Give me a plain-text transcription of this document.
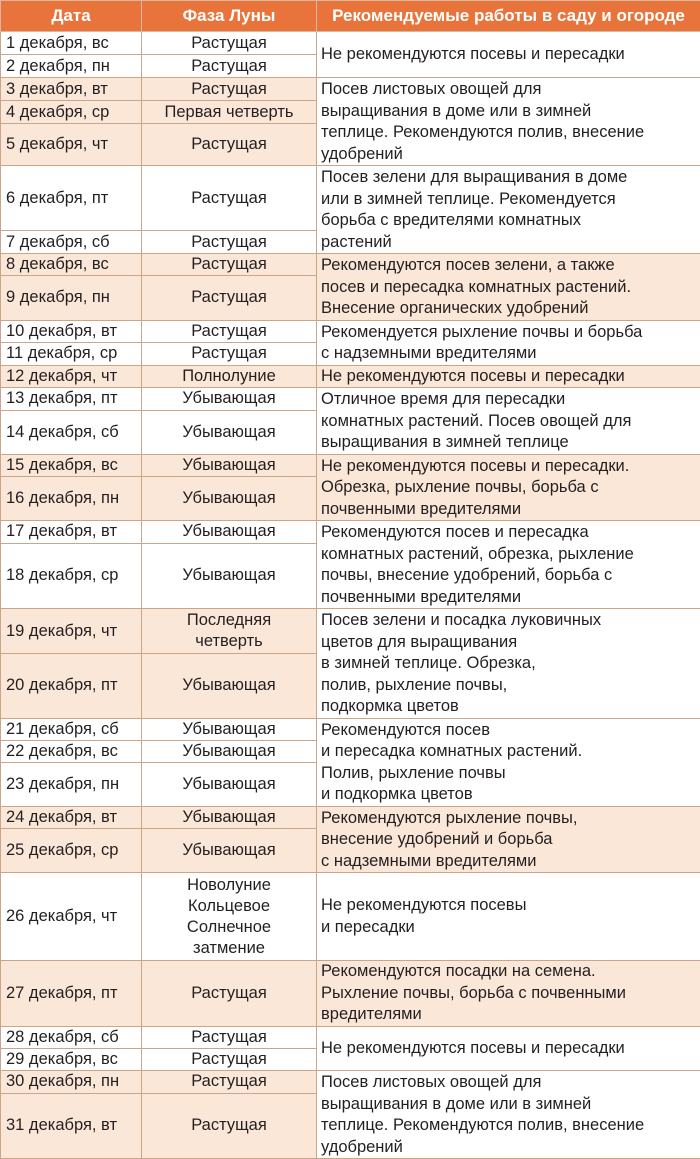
Дата	Фаза Луны	Рекомендуемые работы в саду и огороде
1 декабря, вс	Растущая	Не рекомендуются посевы и пересадки
2 декабря, пн	Растущая	
3 декабря, вт	Растущая	Посев листовых овощей для
выращивания в доме или в зимней
теплице. Рекомендуются полив, внесение
удобрений

4 декабря, ср	Первая четверть	
5 декабря, чт	Растущая	
6 декабря, пт	Растущая	Посев зелени для выращивания в доме
или в зимней теплице. Рекомендуется
борьба с вредителями комнатных
растений

7 декабря, сб	Растущая	
8 декабря, вс	Растущая	Рекомендуются посев зелени, а также
посев и пересадка комнатных растений.
Внесение органических удобрений

9 декабря, пн	Растущая	
10 декабря, вт	Растущая	Рекомендуется рыхление почвы и борьба
с надземными вредителями

11 декабря, ср	Растущая	
12 декабря, чт	Полнолуние	Не рекомендуются посевы и пересадки
13 декабря, пт	Убывающая	Отличное время для пересадки
комнатных растений. Посев овощей для
выращивания в зимней теплице

14 декабря, сб	Убывающая	
15 декабря, вс	Убывающая	Не рекомендуются посевы и пересадки.
Обрезка, рыхление почвы, борьба с
почвенными вредителями

16 декабря, пн	Убывающая	
17 декабря, вт	Убывающая	Рекомендуются посев и пересадка
комнатных растений, обрезка, рыхление
почвы, внесение удобрений, борьба с
почвенными вредителями

18 декабря, ср	Убывающая	
19 декабря, чт	Последняя
четверть	Посев зелени и посадка луковичных
цветов для выращивания
в зимней теплице. Обрезка,
полив, рыхление почвы,
подкормка цветов

20 декабря, пт	Убывающая	
21 декабря, сб	Убывающая	Рекомендуются посев
и пересадка комнатных растений.
Полив, рыхление почвы
и подкормка цветов

22 декабря, вс	Убывающая	
23 декабря, пн	Убывающая	
24 декабря, вт	Убывающая	Рекомендуются рыхление почвы,
внесение удобрений и борьба
с надземными вредителями

25 декабря, ср	Убывающая	
26 декабря, чт	Новолуние
Кольцевое
Солнечное
затмение	Не рекомендуются посевы
и пересадки

27 декабря, пт	Растущая	Рекомендуются посадки на семена.
Рыхление почвы, борьба с почвенными
вредителями

28 декабря, сб	Растущая	Не рекомендуются посевы и пересадки
29 декабря, вс	Растущая	
30 декабря, пн	Растущая	Посев листовых овощей для
выращивания в доме или в зимней
теплице. Рекомендуются полив, внесение
удобрений

31 декабря, вт	Растущая	
